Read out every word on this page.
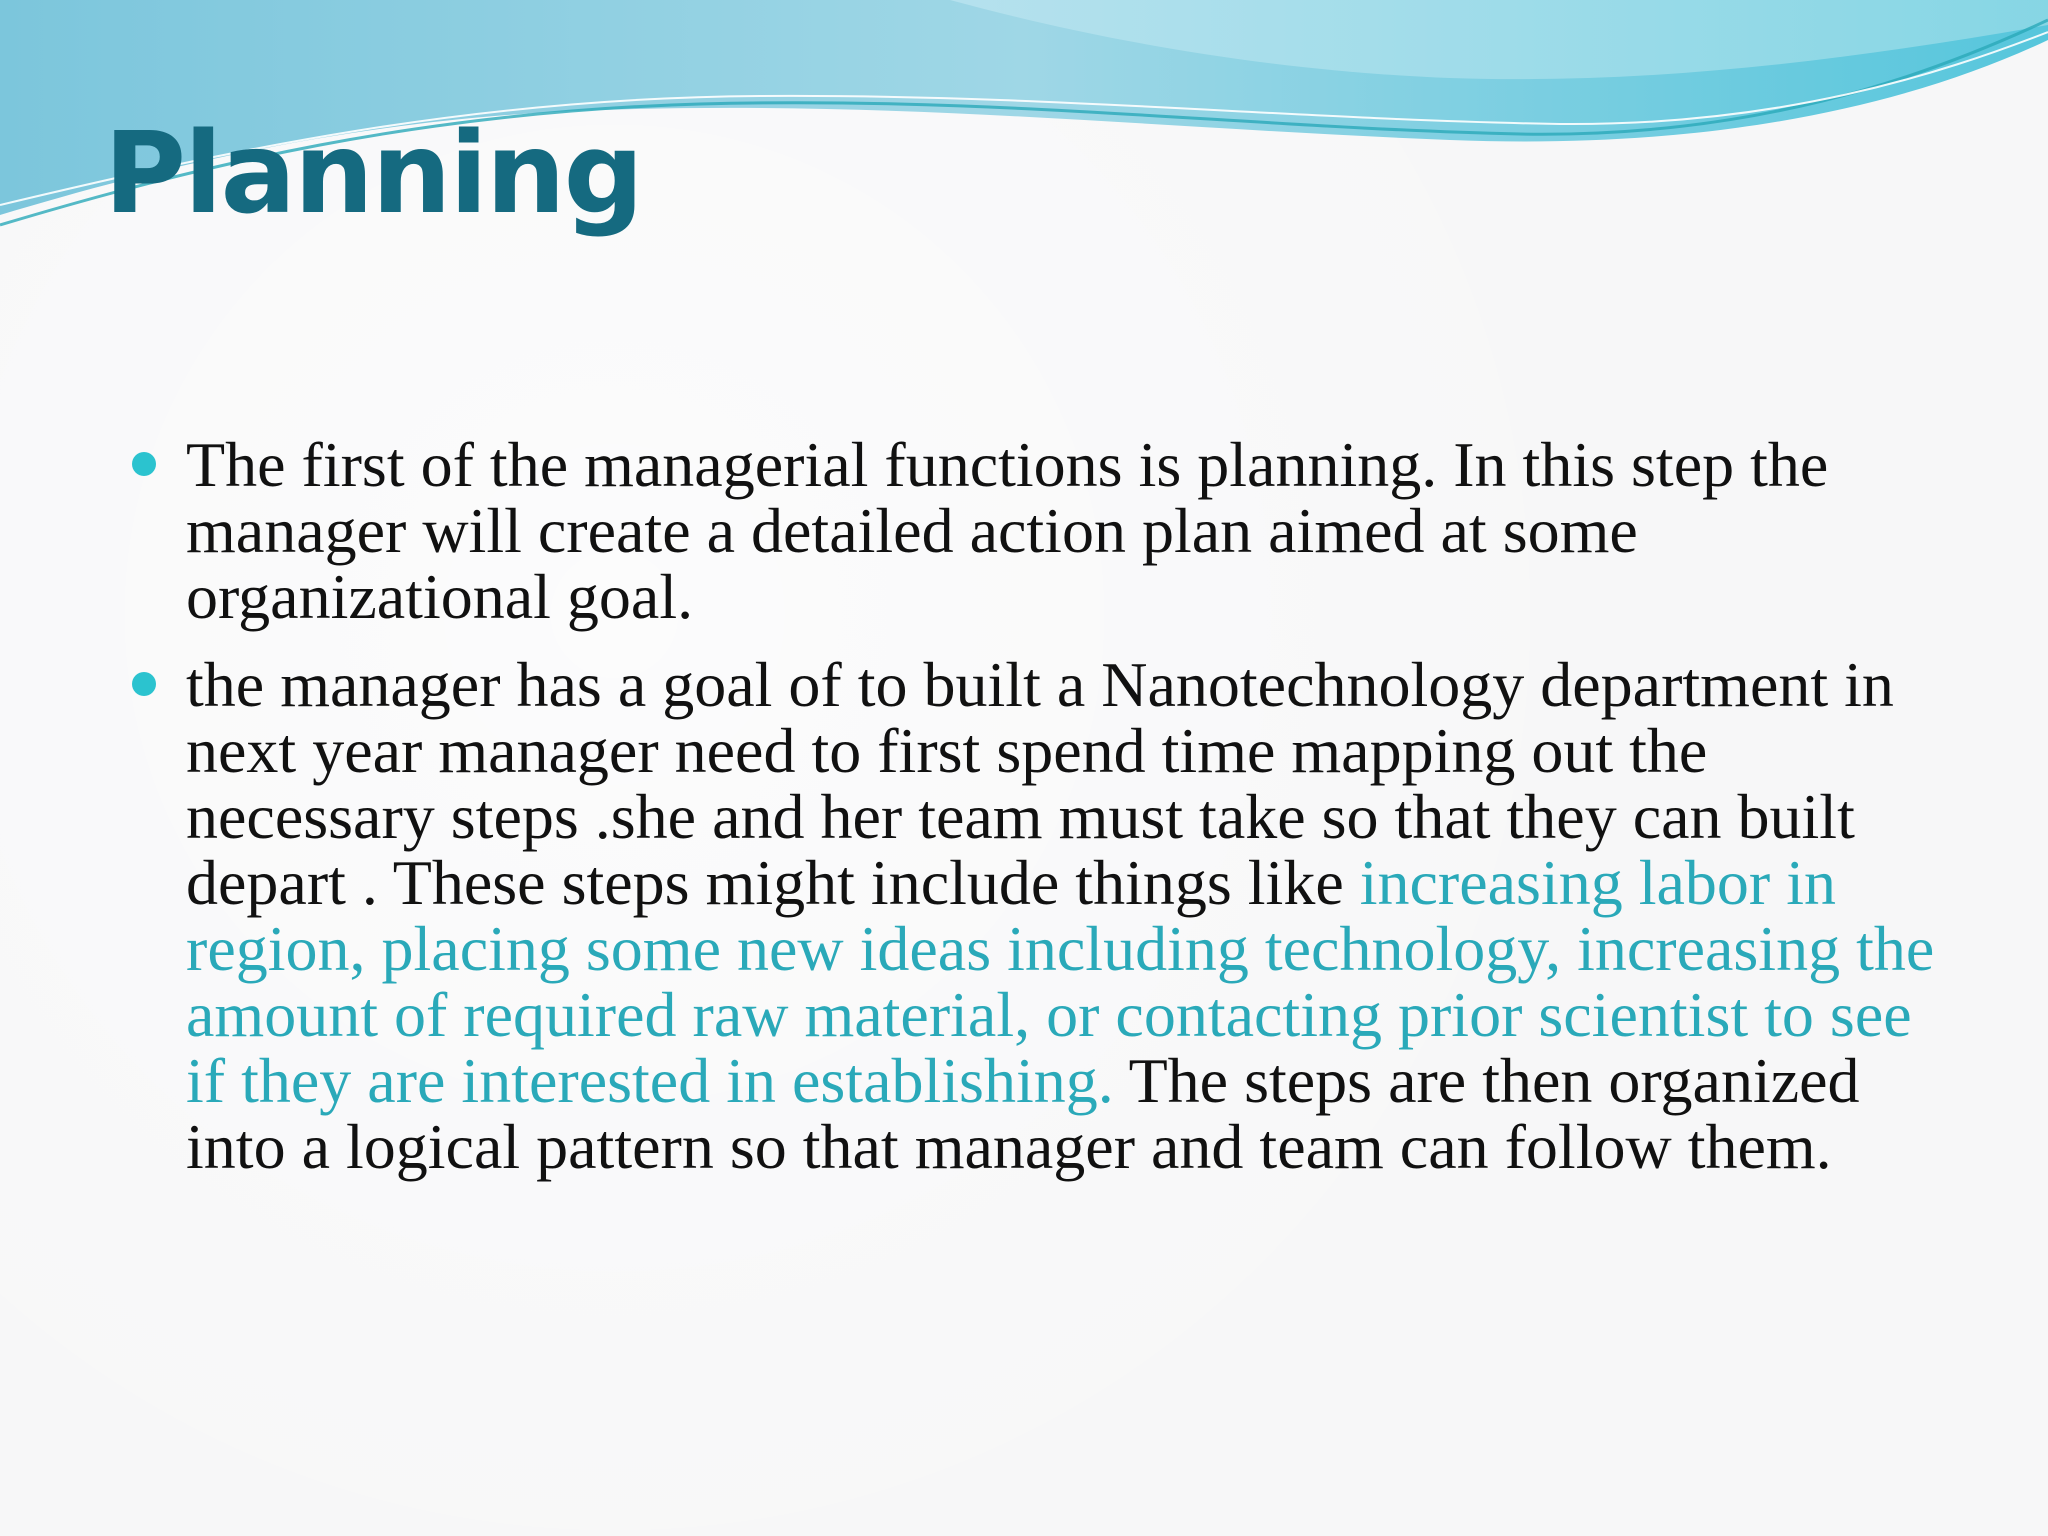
Planning
The first of the managerial functions is planning. In this step the manager will create a detailed action plan aimed at some organizational goal.
the manager has a goal of to built a Nanotechnology department in next year manager need to first spend time mapping out the necessary steps .she and her team must take so that they can built depart . These steps might include things like increasing labor in region, placing some new ideas including technology, increasing the amount of required raw material, or contacting prior scientist to see if they are interested in establishing. The steps are then organized into a logical pattern so that manager and team can follow them.
